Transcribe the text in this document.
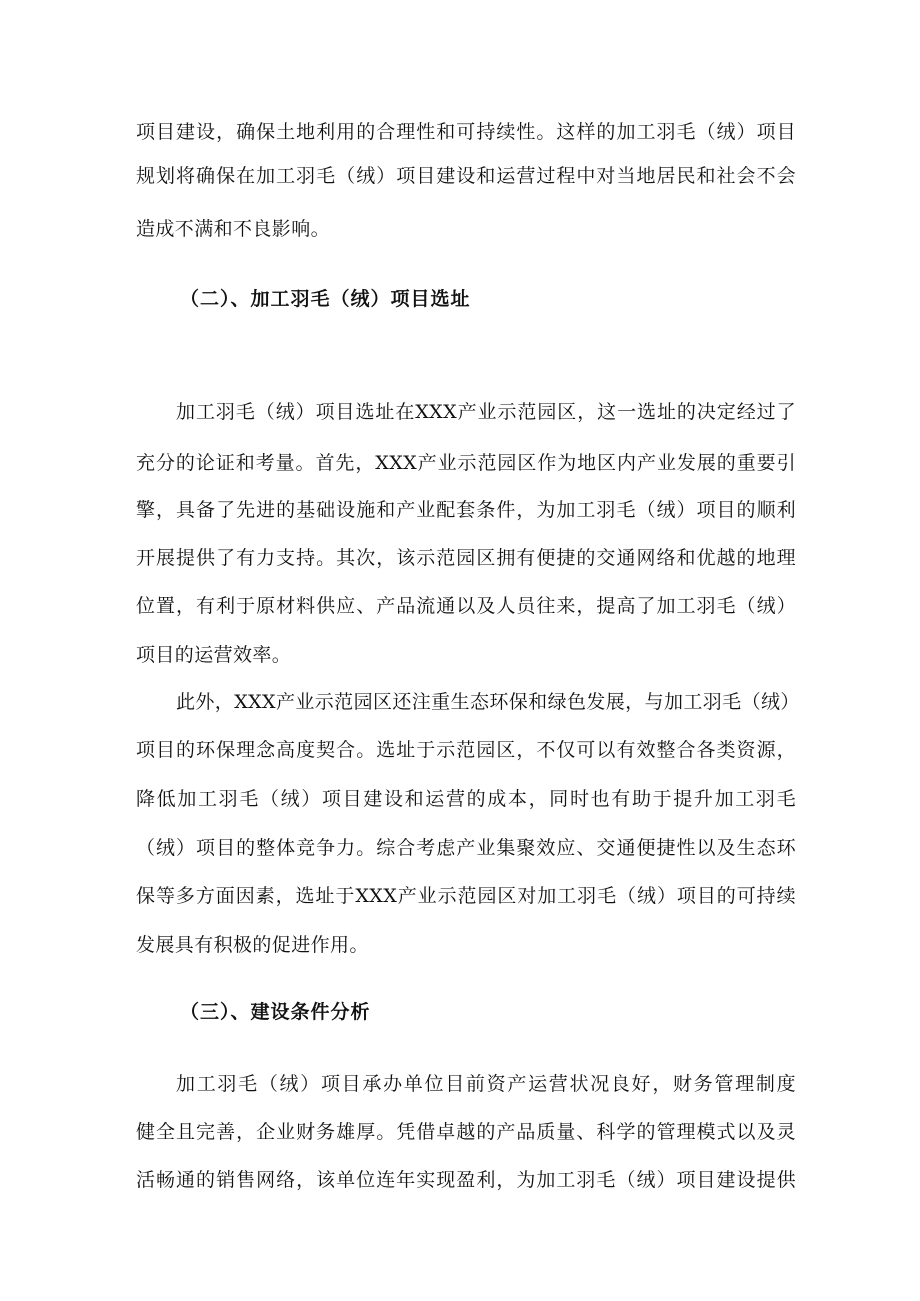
项目建设，确保土地利用的合理性和可持续性。这样的加工羽毛（绒）项目
规划将确保在加工羽毛（绒）项目建设和运营过程中对当地居民和社会不会
造成不满和不良影响。
（二）、加工羽毛（绒）项目选址
加工羽毛（绒）项目选址在XXX产业示范园区，这一选址的决定经过了
充分的论证和考量。首先，XXX产业示范园区作为地区内产业发展的重要引
擎，具备了先进的基础设施和产业配套条件，为加工羽毛（绒）项目的顺利
开展提供了有力支持。其次，该示范园区拥有便捷的交通网络和优越的地理
位置，有利于原材料供应、产品流通以及人员往来，提高了加工羽毛（绒）
项目的运营效率。
此外，XXX产业示范园区还注重生态环保和绿色发展，与加工羽毛（绒）
项目的环保理念高度契合。选址于示范园区，不仅可以有效整合各类资源，
降低加工羽毛（绒）项目建设和运营的成本，同时也有助于提升加工羽毛
（绒）项目的整体竞争力。综合考虑产业集聚效应、交通便捷性以及生态环
保等多方面因素，选址于XXX产业示范园区对加工羽毛（绒）项目的可持续
发展具有积极的促进作用。
（三）、建设条件分析
加工羽毛（绒）项目承办单位目前资产运营状况良好，财务管理制度
健全且完善，企业财务雄厚。凭借卓越的产品质量、科学的管理模式以及灵
活畅通的销售网络，该单位连年实现盈利，为加工羽毛（绒）项目建设提供
